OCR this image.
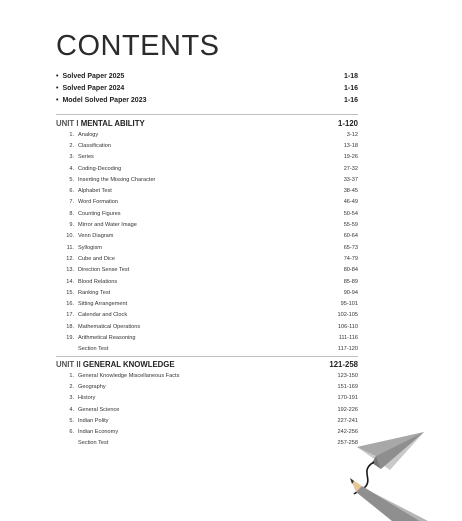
CONTENTS
• Solved Paper 2025	1-18
• Solved Paper 2024	1-16
• Model Solved Paper 2023	1-16
UNIT I MENTAL ABILITY	1-120
1. Analogy	3-12
2. Classification	13-18
3. Series	19-26
4. Coding-Decoding	27-32
5. Inserting the Missing Character	33-37
6. Alphabet Test	38-45
7. Word Formation	46-49
8. Counting Figures	50-54
9. Mirror and Water Image	55-59
10. Venn Diagram	60-64
11. Syllogism	65-73
12. Cube and Dice	74-79
13. Direction Sense Test	80-84
14. Blood Relations	85-89
15. Ranking Test	90-94
16. Sitting Arrangement	95-101
17. Calendar and Clock	102-105
18. Mathematical Operations	106-110
19. Arithmetical Reasoning	111-116
Section Test	117-120
UNIT II GENERAL KNOWLEDGE	121-258
1. General Knowledge Miscellaneous Facts	123-150
2. Geography	151-169
3. History	170-191
4. General Science	192-226
5. Indian Polity	227-241
6. Indian Economy	242-256
Section Test	257-258
